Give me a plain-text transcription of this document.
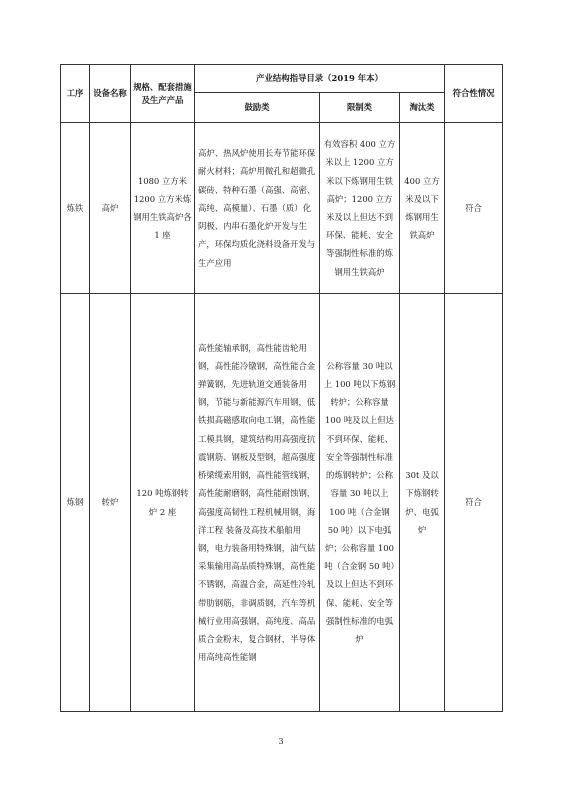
工序	设备名称	规格、配套措施及生产产品	产业结构指导目录（2019 年本）			符合性情况
			鼓励类	限制类	淘汰类	
炼铁	高炉	1080 立方米1200 立方米炼钢用生铁高炉各 1 座	高炉、热风炉使用长寿节能环保耐火材料；高炉用微孔和超微孔碳砖、特种石墨（高强、高密、高纯、高模量）、石墨（质）化阴极、内串石墨化炉开发与生产，环保均质化浇料设备开发与生产应用	有效容积 400 立方米以上 1200 立方米以下炼钢用生铁高炉；1200 立方米及以上但达不到环保、能耗、安全等强制性标准的炼钢用生铁高炉	400 立方米及以下炼钢用生铁高炉	符合
炼钢	转炉	120 吨炼钢转炉 2 座	高性能轴承钢，高性能齿轮用钢，高性能冷镦钢，高性能合金弹簧钢，先进轨道交通装备用钢，节能与新能源汽车用钢，低铁损高磁感取向电工钢，高性能工模具钢，建筑结构用高强度抗震钢筋、钢板及型钢，超高强度桥梁缆索用钢，高性能管线钢，高性能耐磨钢，高性能耐蚀钢，高强度高韧性工程机械用钢，海洋工程 装备及高技术船舶用钢，电力装备用特殊钢，油气钻采集输用高品质特殊钢，高性能不锈钢，高温合金，高延性冷轧带肋钢筋，非调质钢，汽车等机械行业用高强钢，高纯度、高品质合金粉末，复合钢材，半导体用高纯高性能钢	公称容量 30 吨以上 100 吨以下炼钢转炉；公称容量 100 吨及以上但达不到环保、能耗、安全等强制性标准的炼钢转炉；公称容量 30 吨以上 100 吨（合金钢 50 吨）以下电弧炉；公称容量 100 吨（合金钢 50 吨）及以上但达不到环保、能耗、安全等强制性标准的电弧炉	30t 及以下炼钢转炉、电弧炉	符合
3
